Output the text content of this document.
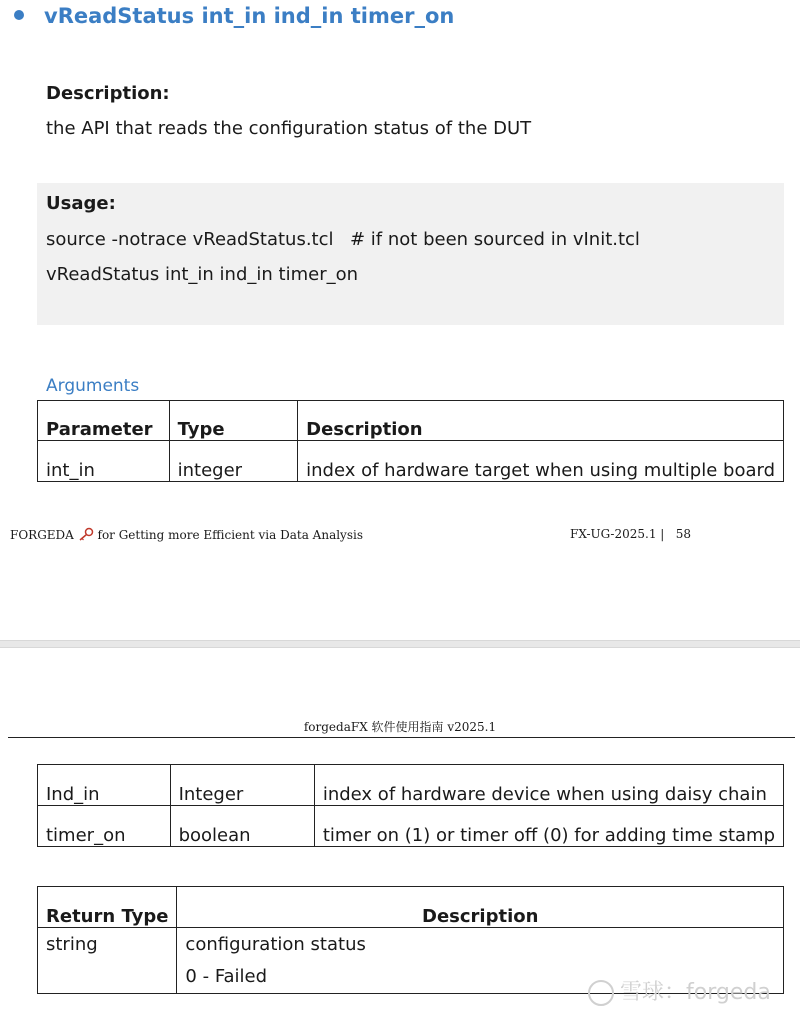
vReadStatus int_in ind_in timer_on
Description:
the API that reads the configuration status of the DUT
Usage:
source -notrace vReadStatus.tcl # if not been sourced in vInit.tcl
vReadStatus int_in ind_in timer_on
Arguments
Parameter	Type	Description
int_in	integer	index of hardware target when using multiple board
FORGEDA for Getting more Efficient via Data Analysis	FX-UG-2025.1 | 58
forgedaFX 软件使用指南 v2025.1
Ind_in	Integer	index of hardware device when using daisy chain
timer_on	boolean	timer on (1) or timer off (0) for adding time stamp
Return Type	Description
string	configuration status
0 - Failed
雪球：forgeda
